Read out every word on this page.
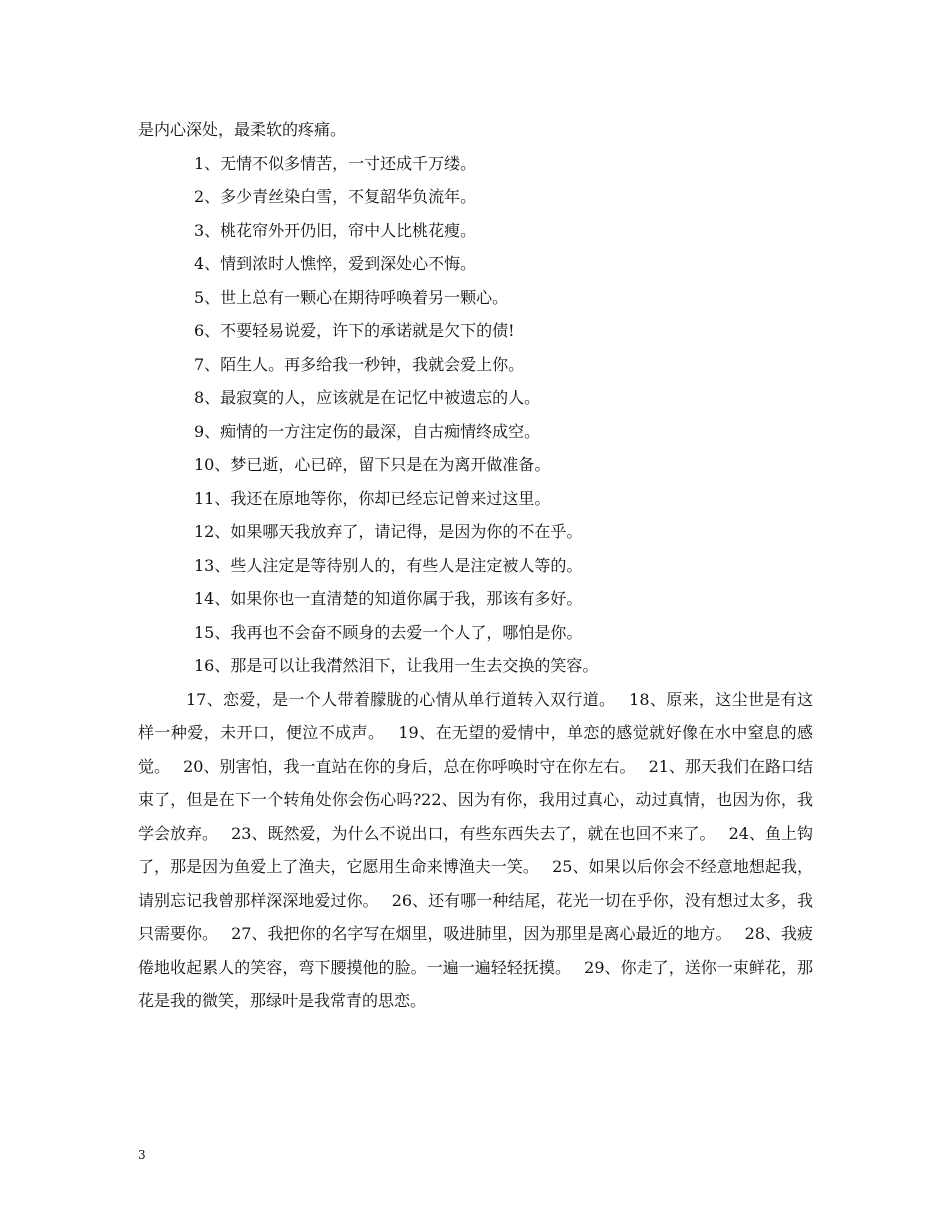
是内心深处，最柔软的疼痛。
1、无情不似多情苦，一寸还成千万缕。
2、多少青丝染白雪，不复韶华负流年。
3、桃花帘外开仍旧，帘中人比桃花瘦。
4、情到浓时人憔悴，爱到深处心不悔。
5、世上总有一颗心在期待呼唤着另一颗心。
6、不要轻易说爱，许下的承诺就是欠下的债!
7、陌生人。再多给我一秒钟，我就会爱上你。
8、最寂寞的人，应该就是在记忆中被遗忘的人。
9、痴情的一方注定伤的最深，自古痴情终成空。
10、梦已逝，心已碎，留下只是在为离开做准备。
11、我还在原地等你，你却已经忘记曾来过这里。
12、如果哪天我放弃了，请记得，是因为你的不在乎。
13、些人注定是等待别人的，有些人是注定被人等的。
14、如果你也一直清楚的知道你属于我，那该有多好。
15、我再也不会奋不顾身的去爱一个人了，哪怕是你。
16、那是可以让我潸然泪下，让我用一生去交换的笑容。

17、恋爱，是一个人带着朦胧的心情从单行道转入双行道。　 18、原来，这尘世是有这样一种爱，未开口，便泣不成声。　 19、在无望的爱情中，单恋的感觉就好像在水中窒息的感觉。　 20、别害怕，我一直站在你的身后，总在你呼唤时守在你左右。　 21、那天我们在路口结束了，但是在下一个转角处你会伤心吗?22、因为有你，我用过真心，动过真情，也因为你，我学会放弃。　 23、既然爱，为什么不说出口，有些东西失去了，就在也回不来了。　 24、鱼上钩了，那是因为鱼爱上了渔夫，它愿用生命来博渔夫一笑。　 25、如果以后你会不经意地想起我，请别忘记我曾那样深深地爱过你。　 26、还有哪一种结尾，花光一切在乎你，没有想过太多，我只需要你。　 27、我把你的名字写在烟里，吸进肺里，因为那里是离心最近的地方。　 28、我疲倦地收起累人的笑容，弯下腰摸他的脸。一遍一遍轻轻抚摸。　 29、你走了，送你一束鲜花，那花是我的微笑，那绿叶是我常青的思恋。

3
